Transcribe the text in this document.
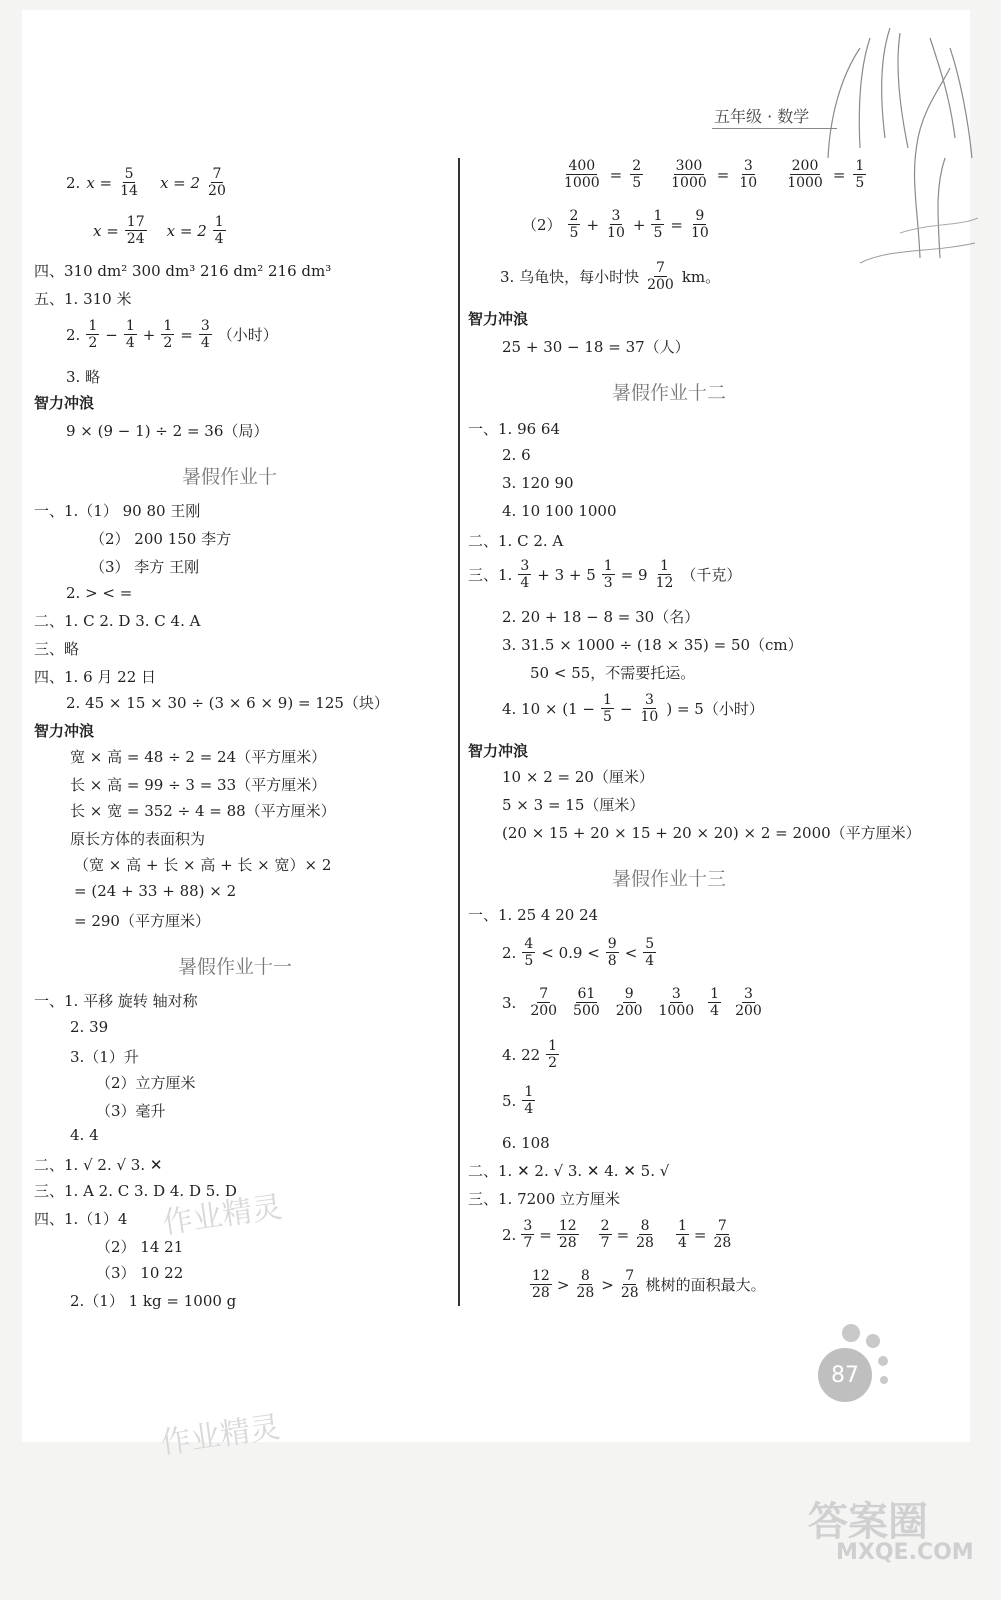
五年级 · 数学
2. $x = \frac{5}{14}$ $x = 2 \frac{7}{20}$
$x = \frac{17}{24}$ $x = 2 \frac{1}{4}$
四、310 dm² 300 dm³ 216 dm² 216 dm³
五、1. 310 米
2. $\frac{1}{2} - \frac{1}{4} + \frac{1}{2} = \frac{3}{4}$ （小时）
3. 略
智力冲浪
9 × (9 − 1) ÷ 2 = 36（局）
暑假作业十
一、1.（1） 90 80 王刚
（2） 200 150 李方
（3） 李方 王刚
2. > < =
二、1. C 2. D 3. C 4. A
三、略
四、1. 6 月 22 日
2. 45 × 15 × 30 ÷ (3 × 6 × 9) = 125（块）
智力冲浪
宽 × 高 = 48 ÷ 2 = 24（平方厘米）
长 × 高 = 99 ÷ 3 = 33（平方厘米）
长 × 宽 = 352 ÷ 4 = 88（平方厘米）
原长方体的表面积为
（宽 × 高 + 长 × 高 + 长 × 宽）× 2
= (24 + 33 + 88) × 2
= 290（平方厘米）
暑假作业十一
一、1. 平移 旋转 轴对称
2. 39
3.（1）升
（2）立方厘米
（3）毫升
4. 4
二、1. √ 2. √ 3. ✕
三、1. A 2. C 3. D 4. D 5. D
四、1.（1）4
（2） 14 21
（3） 10 22
2.（1） 1 kg = 1000 g
$\frac{400}{1000} = \frac{2}{5} \frac{300}{1000} = \frac{3}{10} \frac{200}{1000} = \frac{1}{5}$
$(2) \frac{2}{5} + \frac{3}{10} + \frac{1}{5} = \frac{9}{10}$
3. 乌龟快，每小时快 $\frac{7}{200}$ km。
智力冲浪
25 + 30 − 18 = 37（人）
暑假作业十二
一、1. 96 64
2. 6
3. 120 90
4. 10 100 1000
二、1. C 2. A
三、1. $\frac{3}{4} + 3 + 5 \frac{1}{3} = 9 \frac{1}{12}$ （千克）
2. 20 + 18 − 8 = 30（名）
3. 31.5 × 1000 ÷ (18 × 35) = 50（cm）
50 < 55，不需要托运。
4. $10 \times (1 - \frac{1}{5} - \frac{3}{10}$ ) = 5（小时）
智力冲浪
10 × 2 = 20（厘米）
5 × 3 = 15（厘米）
(20 × 15 + 20 × 15 + 20 × 20) × 2 = 2000（平方厘米）
暑假作业十三
一、1. 25 4 20 24
2. $\frac{4}{5} < 0.9 < \frac{9}{8} < \frac{5}{4}$
3. $\frac{7}{200} \frac{61}{500} \frac{9}{200} \frac{3}{1000} \frac{1}{4} \frac{3}{200}$
4. $22 \frac{1}{2}$
5. $\frac{1}{4}$
6. 108
二、1. ✕ 2. √ 3. ✕ 4. ✕ 5. √
三、1. 7200 立方厘米
2. $\frac{3}{7} = \frac{12}{28} \frac{2}{7} = \frac{8}{28} \frac{1}{4} = \frac{7}{28}$
$\frac{12}{28} > \frac{8}{28} > \frac{7}{28}$ 桃树的面积最大。
87
作业精灵
作业精灵
答案圈
MXQE.COM
